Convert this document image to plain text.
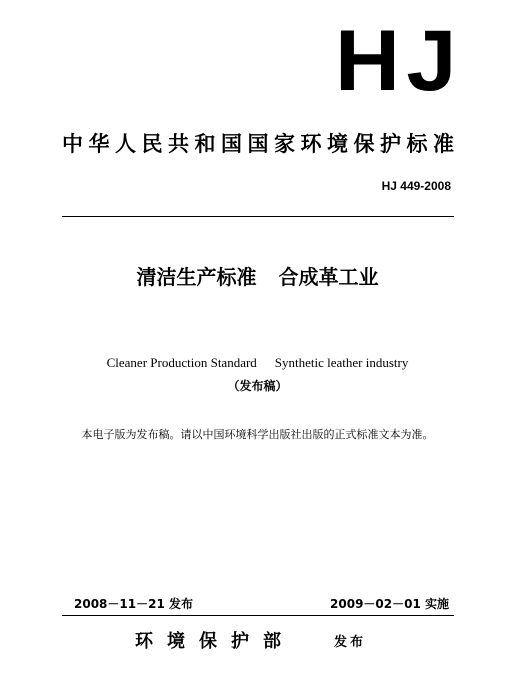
HJ
中华人民共和国国家环境保护标准
HJ 449-2008
清洁生产标准 合成革工业
Cleaner Production Standard Synthetic leather industry
（发布稿）
本电子版为发布稿。请以中国环境科学出版社出版的正式标准文本为准。
2008－11－21 发布	2009－02－01 实施
环境保护部	发布
